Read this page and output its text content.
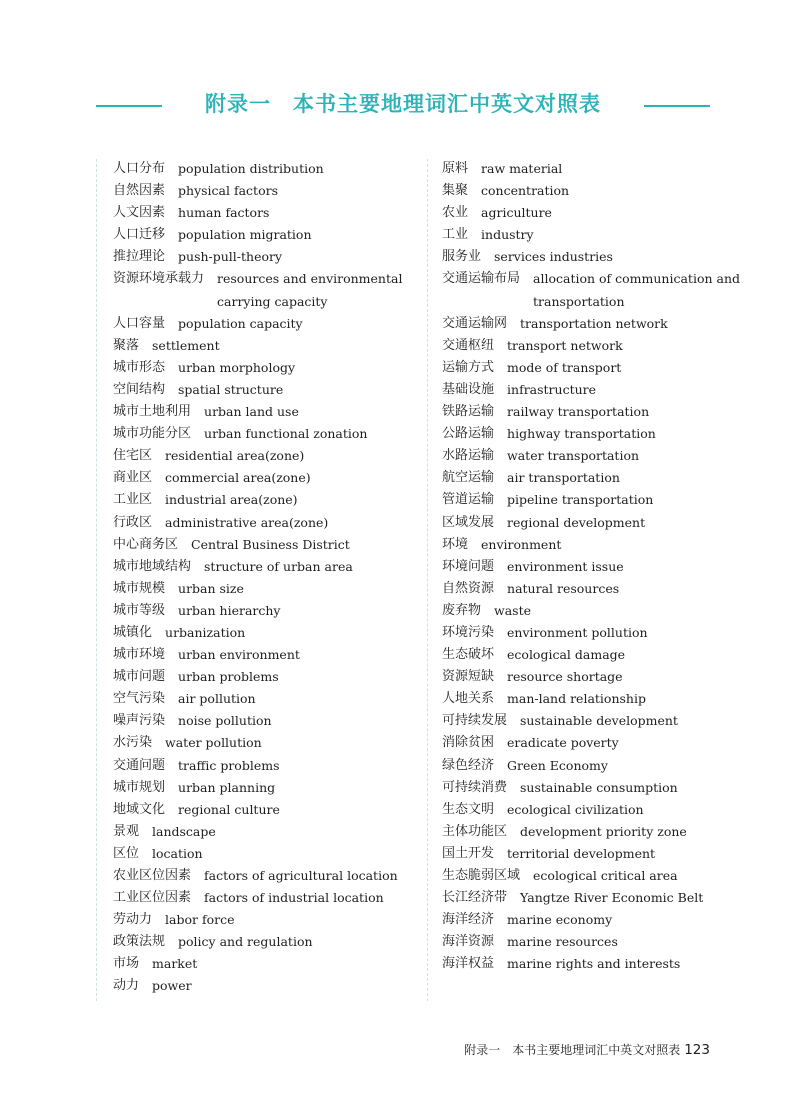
附录一 本书主要地理词汇中英文对照表
人口分布	population distribution
自然因素	physical factors
人文因素	human factors
人口迁移	population migration
推拉理论	push-pull-theory
资源环境承载力	resources and environmental carrying capacity
人口容量	population capacity
聚落	settlement
城市形态	urban morphology
空间结构	spatial structure
城市土地利用	urban land use
城市功能分区	urban functional zonation
住宅区	residential area(zone)
商业区	commercial area(zone)
工业区	industrial area(zone)
行政区	administrative area(zone)
中心商务区	Central Business District
城市地域结构	structure of urban area
城市规模	urban size
城市等级	urban hierarchy
城镇化	urbanization
城市环境	urban environment
城市问题	urban problems
空气污染	air pollution
噪声污染	noise pollution
水污染	water pollution
交通问题	traffic problems
城市规划	urban planning
地域文化	regional culture
景观	landscape
区位	location
农业区位因素	factors of agricultural location
工业区位因素	factors of industrial location
劳动力	labor force
政策法规	policy and regulation
市场	market
动力	power
原料	raw material
集聚	concentration
农业	agriculture
工业	industry
服务业	services industries
交通运输布局	allocation of communication and transportation
交通运输网	transportation network
交通枢纽	transport network
运输方式	mode of transport
基础设施	infrastructure
铁路运输	railway transportation
公路运输	highway transportation
水路运输	water transportation
航空运输	air transportation
管道运输	pipeline transportation
区域发展	regional development
环境	environment
环境问题	environment issue
自然资源	natural resources
废弃物	waste
环境污染	environment pollution
生态破坏	ecological damage
资源短缺	resource shortage
人地关系	man-land relationship
可持续发展	sustainable development
消除贫困	eradicate poverty
绿色经济	Green Economy
可持续消费	sustainable consumption
生态文明	ecological civilization
主体功能区	development priority zone
国土开发	territorial development
生态脆弱区域	ecological critical area
长江经济带	Yangtze River Economic Belt
海洋经济	marine economy
海洋资源	marine resources
海洋权益	marine rights and interests
附录一　本书主要地理词汇中英文对照表 123
